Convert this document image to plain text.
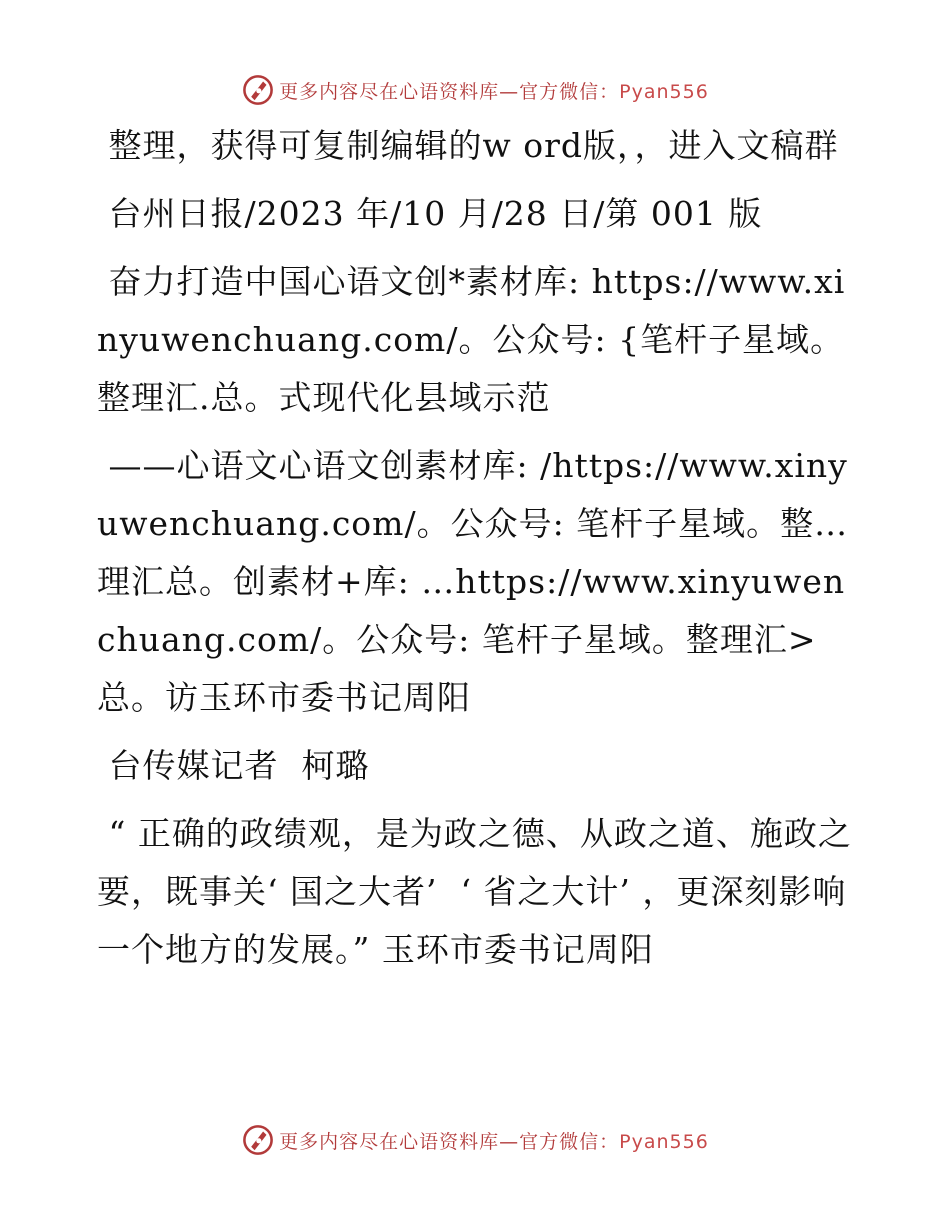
更多内容尽在心语资料库—官方微信：Pyan556

整理，获得可复制编辑的w ord版，，进入文稿群

台州日报/2023 年/10 月/28 日/第 001 版

奋力打造中国心语文创*素材库: https://www.xinyuwenchuang.com/。公众号: {笔杆子星域。整理汇.总。式现代化县域示范

——心语文心语文创素材库: /https://www.xinyuwenchuang.com/。公众号: 笔杆子星域。整…理汇总。创素材+库: …https://www.xinyuwenchuang.com/。公众号: 笔杆子星域。整理汇>总。访玉环市委书记周阳

台传媒记者  柯璐

“ 正确的政绩观，是为政之德、从政之道、施政之要，既事关‘ 国之大者’  ‘ 省之大计’ ，更深刻影响一个地方的发展。” 玉环市委书记周阳

更多内容尽在心语资料库—官方微信：Pyan556
